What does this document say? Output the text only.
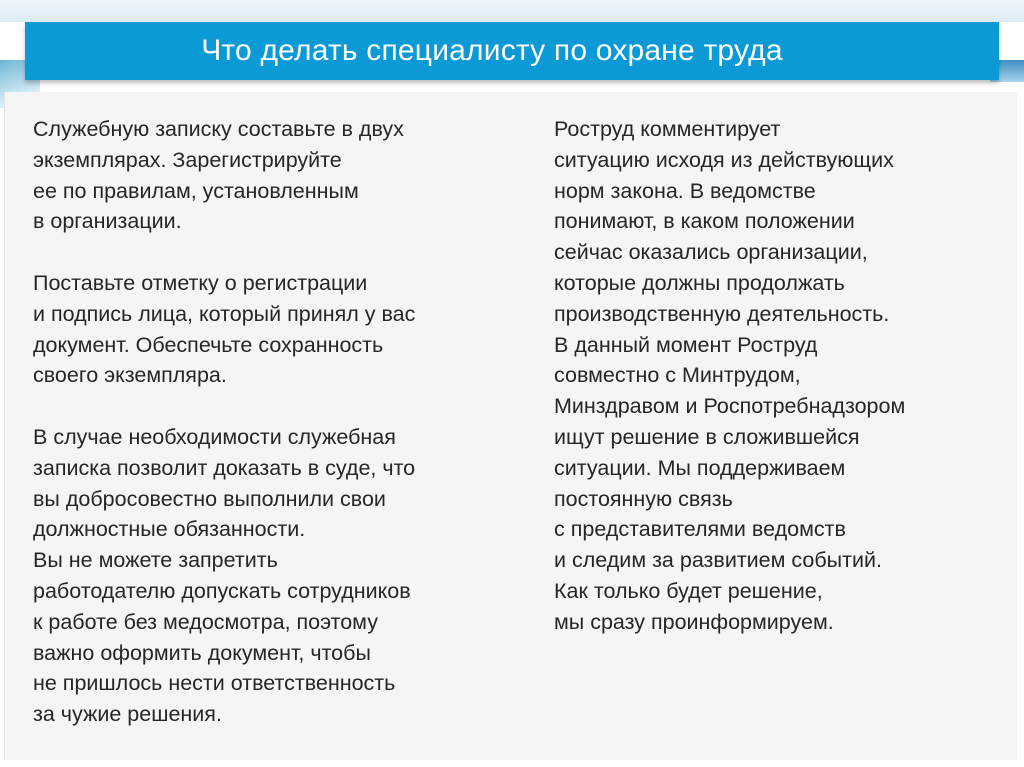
Что делать специалисту по охране труда

Служебную записку составьте в двух
экземплярах. Зарегистрируйте
ее по правилам, установленным
в организации.

Поставьте отметку о регистрации
и подпись лица, который принял у вас
документ. Обеспечьте сохранность
своего экземпляра.

В случае необходимости служебная
записка позволит доказать в суде, что
вы добросовестно выполнили свои
должностные обязанности.

Вы не можете запретить
работодателю допускать сотрудников
к работе без медосмотра, поэтому
важно оформить документ, чтобы
не пришлось нести ответственность
за чужие решения.

Роструд комментирует
ситуацию исходя из действующих
норм закона. В ведомстве
понимают, в каком положении
сейчас оказались организации,
которые должны продолжать
производственную деятельность.
В данный момент Роструд
совместно с Минтрудом,
Минздравом и Роспотребнадзором
ищут решение в сложившейся
ситуации. Мы поддерживаем
постоянную связь
с представителями ведомств
и следим за развитием событий.
Как только будет решение,
мы сразу проинформируем.
